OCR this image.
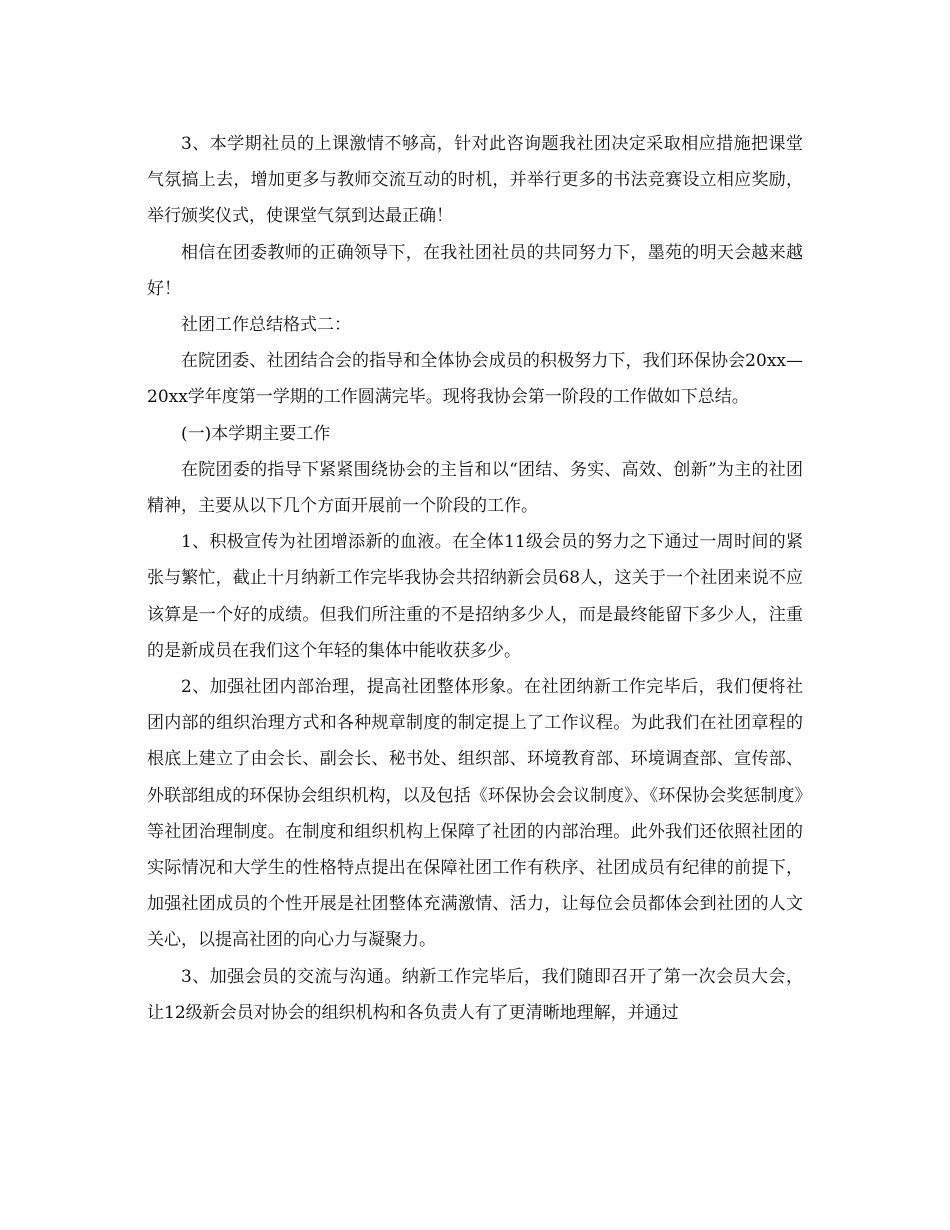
3、本学期社员的上课激情不够高，针对此咨询题我社团决定采取相应措施把课堂气氛搞上去，增加更多与教师交流互动的时机，并举行更多的书法竞赛设立相应奖励，举行颁奖仪式，使课堂气氛到达最正确！

相信在团委教师的正确领导下，在我社团社员的共同努力下，墨苑的明天会越来越好！

社团工作总结格式二：

在院团委、社团结合会的指导和全体协会成员的积极努力下，我们环保协会20xx—20xx学年度第一学期的工作圆满完毕。现将我协会第一阶段的工作做如下总结。

(一)本学期主要工作

在院团委的指导下紧紧围绕协会的主旨和以“团结、务实、高效、创新”为主的社团精神，主要从以下几个方面开展前一个阶段的工作。

1、积极宣传为社团增添新的血液。在全体11级会员的努力之下通过一周时间的紧张与繁忙，截止十月纳新工作完毕我协会共招纳新会员68人，这关于一个社团来说不应该算是一个好的成绩。但我们所注重的不是招纳多少人，而是最终能留下多少人，注重的是新成员在我们这个年轻的集体中能收获多少。

2、加强社团内部治理，提高社团整体形象。在社团纳新工作完毕后，我们便将社团内部的组织治理方式和各种规章制度的制定提上了工作议程。为此我们在社团章程的根底上建立了由会长、副会长、秘书处、组织部、环境教育部、环境调查部、宣传部、外联部组成的环保协会组织机构，以及包括《环保协会会议制度》、《环保协会奖惩制度》等社团治理制度。在制度和组织机构上保障了社团的内部治理。此外我们还依照社团的实际情况和大学生的性格特点提出在保障社团工作有秩序、社团成员有纪律的前提下，加强社团成员的个性开展是社团整体充满激情、活力，让每位会员都体会到社团的人文关心，以提高社团的向心力与凝聚力。

3、加强会员的交流与沟通。纳新工作完毕后，我们随即召开了第一次会员大会，让12级新会员对协会的组织机构和各负责人有了更清晰地理解，并通过
